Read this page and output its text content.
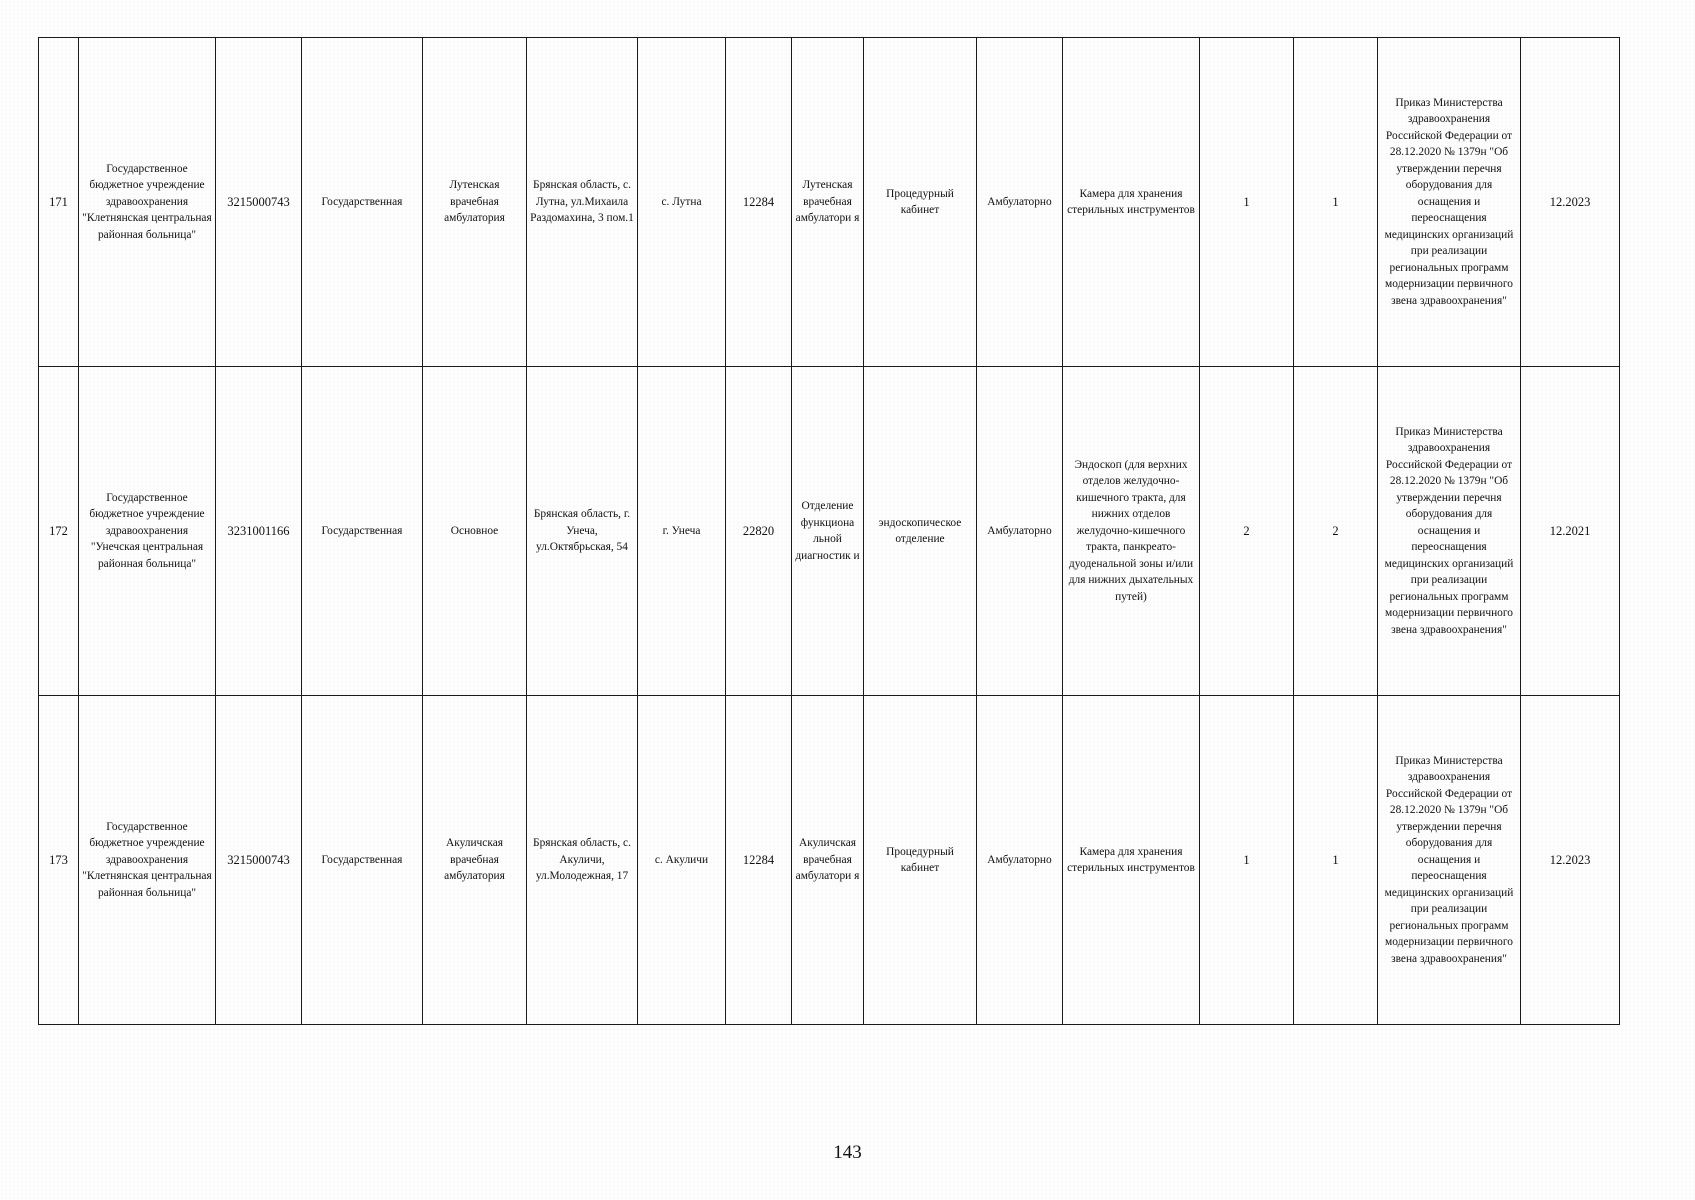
171	Государственное бюджетное учреждение здравоохранения "Клетнянская центральная районная больница"	3215000743	Государственная	Лутенская врачебная амбулатория	Брянская область, с. Лутна, ул.Михаила Раздомахина, 3 пом.1	с. Лутна	12284	Лутенская врачебная амбулатори я	Процедурный кабинет	Амбулаторно	Камера для хранения стерильных инструментов	1	1	Приказ Министерства здравоохранения Российской Федерации от 28.12.2020 № 1379н "Об утверждении перечня оборудования для оснащения и переоснащения медицинских организаций при реализации региональных программ модернизации первичного звена здравоохранения"	12.2023
172	Государственное бюджетное учреждение здравоохранения "Унечская центральная районная больница"	3231001166	Государственная	Основное	Брянская область, г. Унеча, ул.Октябрьская, 54	г. Унеча	22820	Отделение функциона льной диагностик и	эндоскопическое отделение	Амбулаторно	Эндоскоп (для верхних отделов желудочно-кишечного тракта, для нижних отделов желудочно-кишечного тракта, панкреато-дуоденальной зоны и/или для нижних дыхательных путей)	2	2	Приказ Министерства здравоохранения Российской Федерации от 28.12.2020 № 1379н "Об утверждении перечня оборудования для оснащения и переоснащения медицинских организаций при реализации региональных программ модернизации первичного звена здравоохранения"	12.2021
173	Государственное бюджетное учреждение здравоохранения "Клетнянская центральная районная больница"	3215000743	Государственная	Акуличская врачебная амбулатория	Брянская область, с. Акуличи, ул.Молодежная, 17	с. Акуличи	12284	Акуличская врачебная амбулатори я	Процедурный кабинет	Амбулаторно	Камера для хранения стерильных инструментов	1	1	Приказ Министерства здравоохранения Российской Федерации от 28.12.2020 № 1379н "Об утверждении перечня оборудования для оснащения и переоснащения медицинских организаций при реализации региональных программ модернизации первичного звена здравоохранения"	12.2023
143
